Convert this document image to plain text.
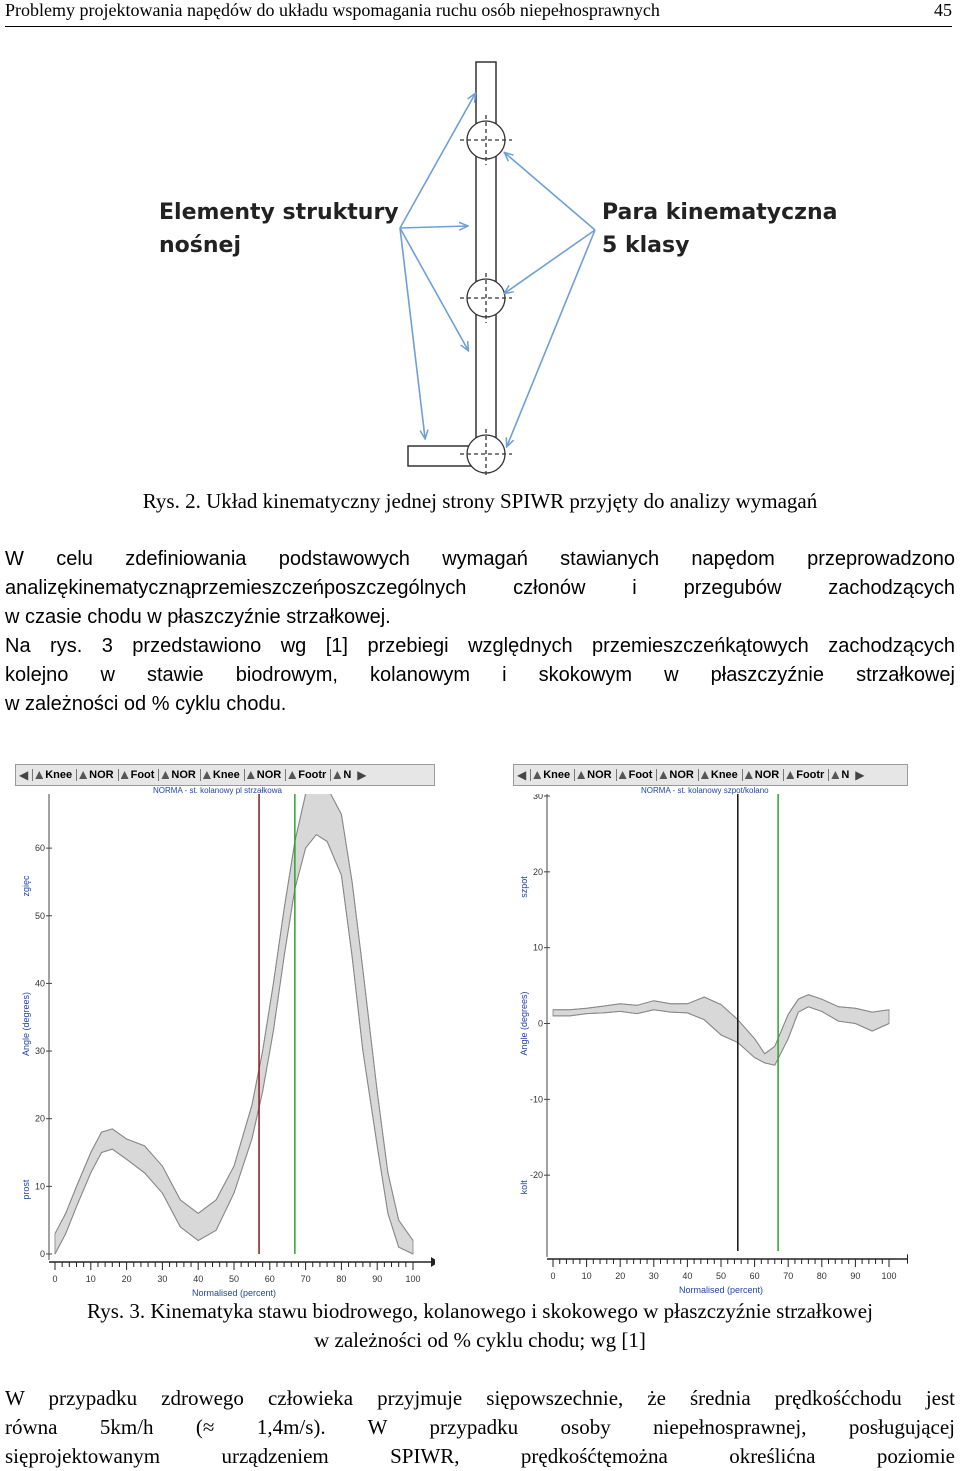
Problemy projektowania napędów do układu wspomagania ruchu osób niepełnosprawnych	45
Elementy struktury
nośnej
Para kinematyczna
5 klasy
Rys. 2. Układ kinematyczny jednej strony SPIWR przyjęty do analizy wymagań
W celu zdefiniowania podstawowych wymagań stawianych napędom przeprowadzono
analizękinematycznąprzemieszczeńposzczególnych członów i przegubów zachodzących
w czasie chodu w płaszczyźnie strzałkowej.
Na rys. 3 przedstawiono wg [1] przebiegi względnych przemieszczeńkątowych zachodzących
kolejno w stawie biodrowym, kolanowym i skokowym w płaszczyźnie strzałkowej
w zależności od % cyklu chodu.
◀ Knee NOR Foot NOR Knee NOR Footr N ▶
NORMA - st. kolanowy pl strzałkowa
0
10
20
30
40
50
60
0	10	20	30	40	50	60	70	80	90	100
Normalised (percent)
Angle (degrees)
zgięc
prost
◀ Knee NOR Foot NOR Knee NOR Footr N ▶
NORMA - st. kolanowy szpot/kolano
-20
-10
0
10
20
30
0	10	20	30	40	50	60	70	80	90 100
Normalised (percent)
Angle (degrees)
szpot
kolt
Rys. 3. Kinematyka stawu biodrowego, kolanowego i skokowego w płaszczyźnie strzałkowej
w zależności od % cyklu chodu; wg [1]
W przypadku zdrowego człowieka przyjmuje siępowszechnie, że średnia prędkośćchodu jest
równa 5km/h (≈ 1,4m/s). W przypadku osoby niepełnosprawnej, posługującej
sięprojektowanym urządzeniem SPIWR, prędkośćtęmożna określićna poziomie
